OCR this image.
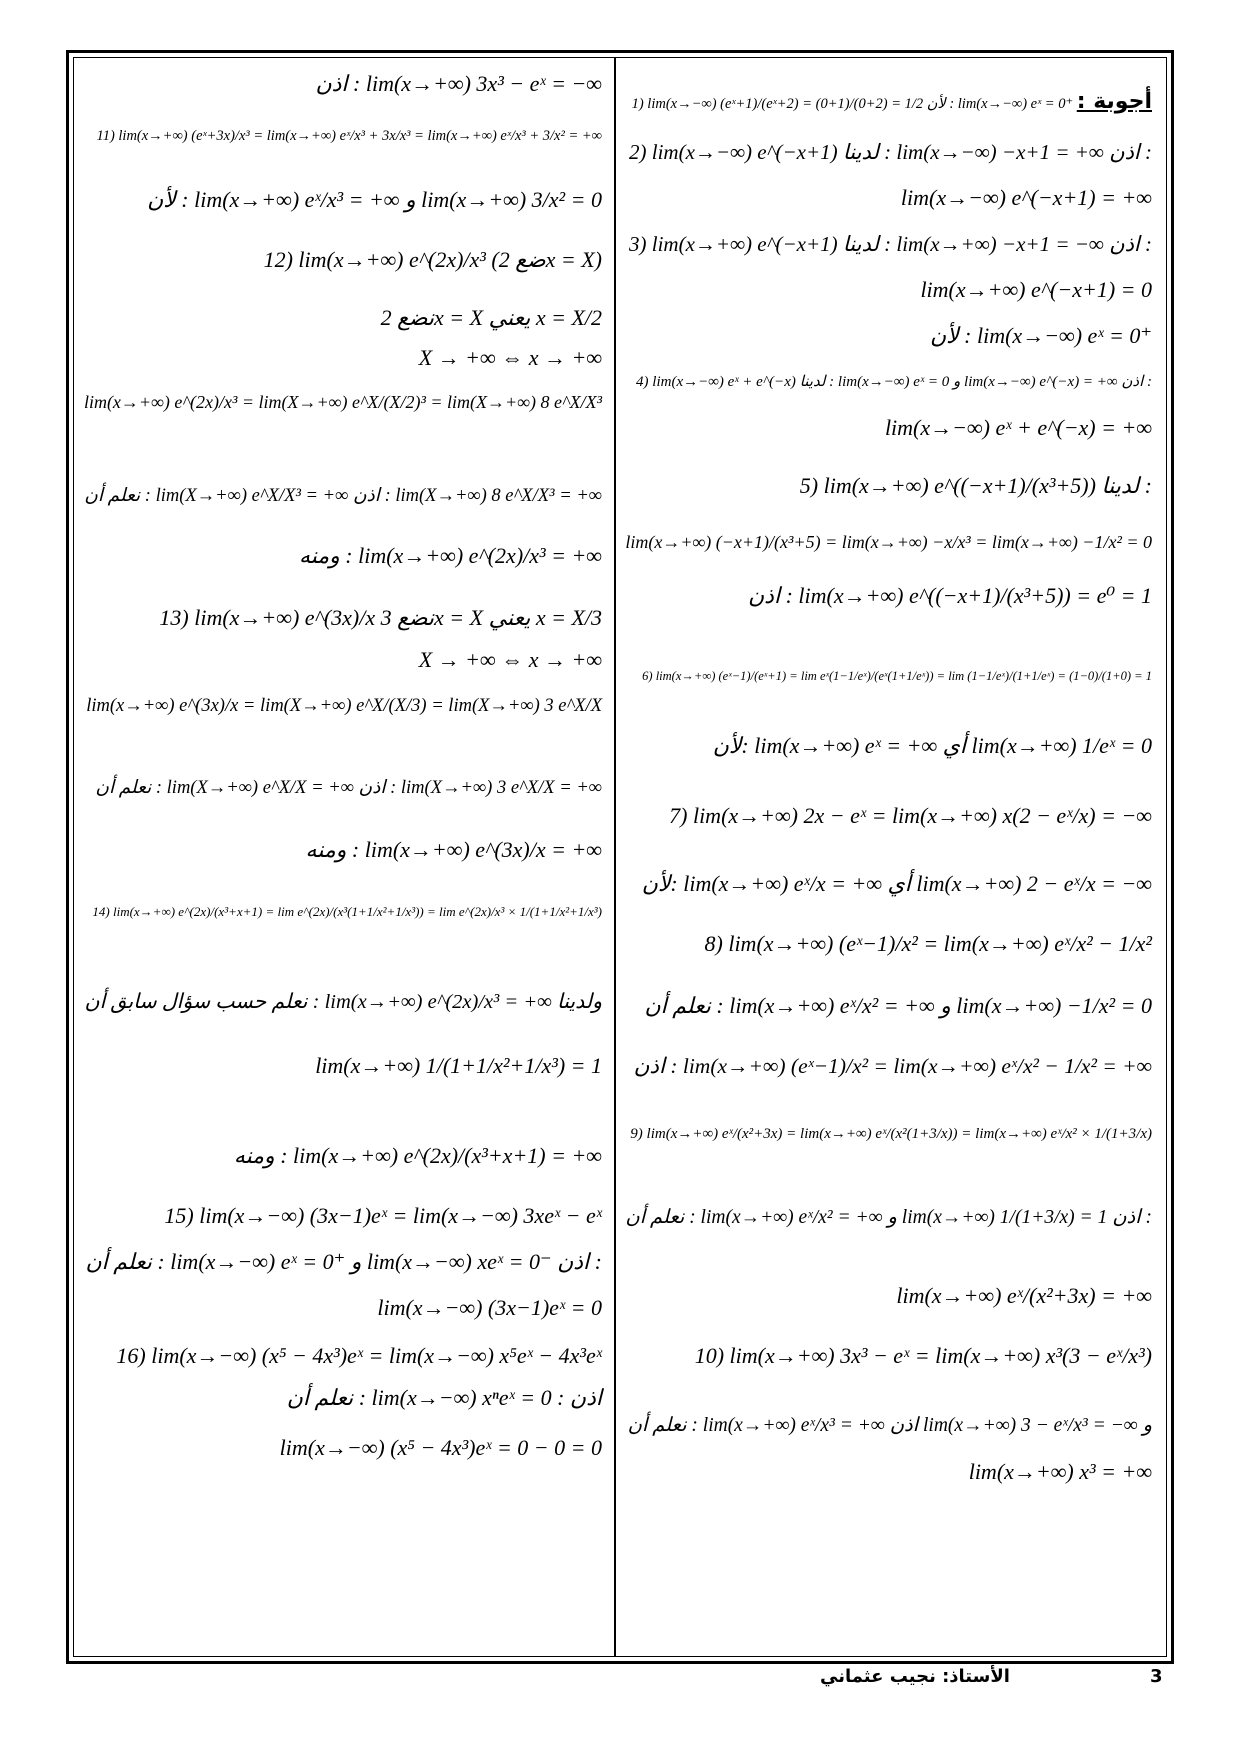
أجوبة : 1) lim(x→−∞) (eˣ+1)/(eˣ+2) = (0+1)/(0+2) = 1/2 لأن : lim(x→−∞) eˣ = 0⁺
2) lim(x→−∞) e^(−x+1) لدينا : lim(x→−∞) −x+1 = +∞ اذن :
lim(x→−∞) e^(−x+1) = +∞
3) lim(x→+∞) e^(−x+1) لدينا : lim(x→+∞) −x+1 = −∞ اذن :
lim(x→+∞) e^(−x+1) = 0
لأن : lim(x→−∞) eˣ = 0⁺
4) lim(x→−∞) eˣ + e^(−x) لدينا : lim(x→−∞) eˣ = 0 و lim(x→−∞) e^(−x) = +∞ اذن :
lim(x→−∞) eˣ + e^(−x) = +∞
5) lim(x→+∞) e^((−x+1)/(x³+5)) لدينا :
lim(x→+∞) (−x+1)/(x³+5) = lim(x→+∞) −x/x³ = lim(x→+∞) −1/x² = 0
اذن : lim(x→+∞) e^((−x+1)/(x³+5)) = e⁰ = 1
6) lim(x→+∞) (eˣ−1)/(eˣ+1) = lim eˣ(1−1/eˣ)/(eˣ(1+1/eˣ)) = lim (1−1/eˣ)/(1+1/eˣ) = (1−0)/(1+0) = 1
لأن: lim(x→+∞) eˣ = +∞ أي lim(x→+∞) 1/eˣ = 0
7) lim(x→+∞) 2x − eˣ = lim(x→+∞) x(2 − eˣ/x) = −∞
لأن: lim(x→+∞) eˣ/x = +∞ أي lim(x→+∞) 2 − eˣ/x = −∞
8) lim(x→+∞) (eˣ−1)/x² = lim(x→+∞) eˣ/x² − 1/x²
نعلم أن : lim(x→+∞) eˣ/x² = +∞ و lim(x→+∞) −1/x² = 0
اذن : lim(x→+∞) (eˣ−1)/x² = lim(x→+∞) eˣ/x² − 1/x² = +∞
9) lim(x→+∞) eˣ/(x²+3x) = lim(x→+∞) eˣ/(x²(1+3/x)) = lim(x→+∞) eˣ/x² × 1/(1+3/x)
نعلم أن : lim(x→+∞) eˣ/x² = +∞ و lim(x→+∞) 1/(1+3/x) = 1 اذن :
lim(x→+∞) eˣ/(x²+3x) = +∞
10) lim(x→+∞) 3x³ − eˣ = lim(x→+∞) x³(3 − eˣ/x³)
نعلم أن : lim(x→+∞) eˣ/x³ = +∞ اذن lim(x→+∞) 3 − eˣ/x³ = −∞ و
lim(x→+∞) x³ = +∞
اذن : lim(x→+∞) 3x³ − eˣ = −∞
11) lim(x→+∞) (eˣ+3x)/x³ = lim(x→+∞) eˣ/x³ + 3x/x³ = lim(x→+∞) eˣ/x³ + 3/x² = +∞
لأن : lim(x→+∞) eˣ/x³ = +∞ و lim(x→+∞) 3/x² = 0
12) lim(x→+∞) e^(2x)/x³ (ضع 2x = X)
نضع 2x = X يعني x = X/2
X → +∞ ⇔ x → +∞
lim(x→+∞) e^(2x)/x³ = lim(X→+∞) e^X/(X/2)³ = lim(X→+∞) 8 e^X/X³
نعلم أن : lim(X→+∞) e^X/X³ = +∞ اذن : lim(X→+∞) 8 e^X/X³ = +∞
ومنه : lim(x→+∞) e^(2x)/x³ = +∞
13) lim(x→+∞) e^(3x)/x نضع 3x = X يعني x = X/3
X → +∞ ⇔ x → +∞
lim(x→+∞) e^(3x)/x = lim(X→+∞) e^X/(X/3) = lim(X→+∞) 3 e^X/X
نعلم أن : lim(X→+∞) e^X/X = +∞ اذن : lim(X→+∞) 3 e^X/X = +∞
ومنه : lim(x→+∞) e^(3x)/x = +∞
14) lim(x→+∞) e^(2x)/(x³+x+1) = lim e^(2x)/(x³(1+1/x²+1/x³)) = lim e^(2x)/x³ × 1/(1+1/x²+1/x³)
نعلم حسب سؤال سابق أن : lim(x→+∞) e^(2x)/x³ = +∞ ولدينا
lim(x→+∞) 1/(1+1/x²+1/x³) = 1
ومنه : lim(x→+∞) e^(2x)/(x³+x+1) = +∞
15) lim(x→−∞) (3x−1)eˣ = lim(x→−∞) 3xeˣ − eˣ
نعلم أن : lim(x→−∞) eˣ = 0⁺ و lim(x→−∞) xeˣ = 0⁻ اذن :
lim(x→−∞) (3x−1)eˣ = 0
16) lim(x→−∞) (x⁵ − 4x³)eˣ = lim(x→−∞) x⁵eˣ − 4x³eˣ
نعلم أن : lim(x→−∞) xⁿeˣ = 0 : اذن
lim(x→−∞) (x⁵ − 4x³)eˣ = 0 − 0 = 0
3
الأستاذ: نجيب عثماني
